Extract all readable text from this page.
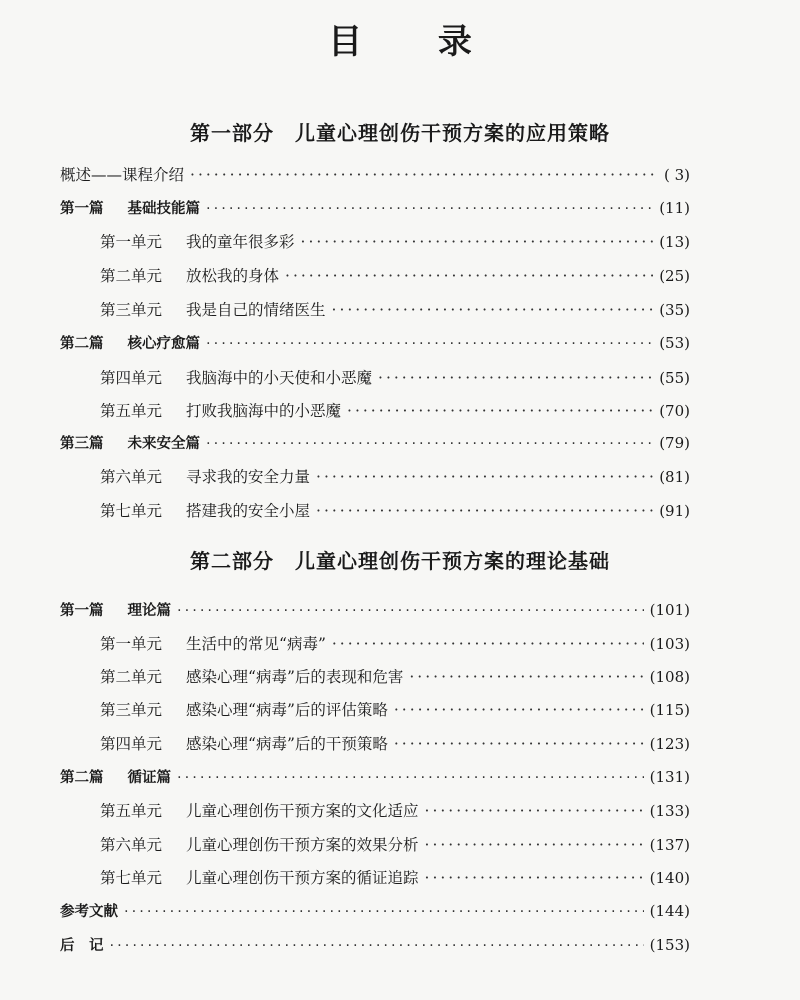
目 录
第一部分　儿童心理创伤干预方案的应用策略
概述——课程介绍 ·····	( 3)
第一篇 基础技能篇 ·····	(11)
第一单元 我的童年很多彩 ·····	(13)
第二单元 放松我的身体 ·····	(25)
第三单元 我是自己的情绪医生 ·····	(35)
第二篇 核心疗愈篇 ·····	(53)
第四单元 我脑海中的小天使和小恶魔 ·····	(55)
第五单元 打败我脑海中的小恶魔 ·····	(70)
第三篇 未来安全篇 ·····	(79)
第六单元 寻求我的安全力量 ·····	(81)
第七单元 搭建我的安全小屋 ·····	(91)
第二部分　儿童心理创伤干预方案的理论基础
第一篇 理论篇 ·····	(101)
第一单元 生活中的常见“病毒” ·····	(103)
第二单元 感染心理“病毒”后的表现和危害 ·····	(108)
第三单元 感染心理“病毒”后的评估策略 ·····	(115)
第四单元 感染心理“病毒”后的干预策略 ·····	(123)
第二篇 循证篇 ·····	(131)
第五单元 儿童心理创伤干预方案的文化适应 ·····	(133)
第六单元 儿童心理创伤干预方案的效果分析 ·····	(137)
第七单元 儿童心理创伤干预方案的循证追踪 ·····	(140)
参考文献 ·····	(144)
后　记 ·····	(153)
